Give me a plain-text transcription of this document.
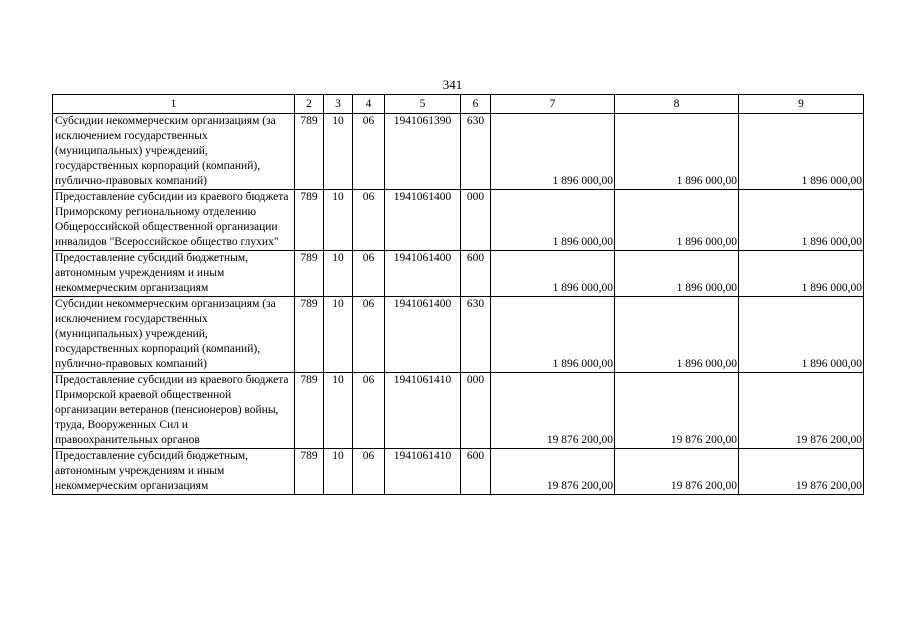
341
1	2	3	4	5	6	7	8	9
Субсидии некоммерческим организациям (за исключением государственных (муниципальных) учреждений, государственных корпораций (компаний), публично-правовых компаний)	789	10	06	1941061390	630	1 896 000,00	1 896 000,00	1 896 000,00
Предоставление субсидии из краевого бюджета Приморскому региональному отделению Общероссийской общественной организации инвалидов "Всероссийское общество глухих"	789	10	06	1941061400	000	1 896 000,00	1 896 000,00	1 896 000,00
Предоставление субсидий бюджетным, автономным учреждениям и иным некоммерческим организациям	789	10	06	1941061400	600	1 896 000,00	1 896 000,00	1 896 000,00
Субсидии некоммерческим организациям (за исключением государственных (муниципальных) учреждений, государственных корпораций (компаний), публично-правовых компаний)	789	10	06	1941061400	630	1 896 000,00	1 896 000,00	1 896 000,00
Предоставление субсидии из краевого бюджета Приморской краевой общественной организации ветеранов (пенсионеров) войны, труда, Вооруженных Сил и правоохранительных органов	789	10	06	1941061410	000	19 876 200,00	19 876 200,00	19 876 200,00
Предоставление субсидий бюджетным, автономным учреждениям и иным некоммерческим организациям	789	10	06	1941061410	600	19 876 200,00	19 876 200,00	19 876 200,00
